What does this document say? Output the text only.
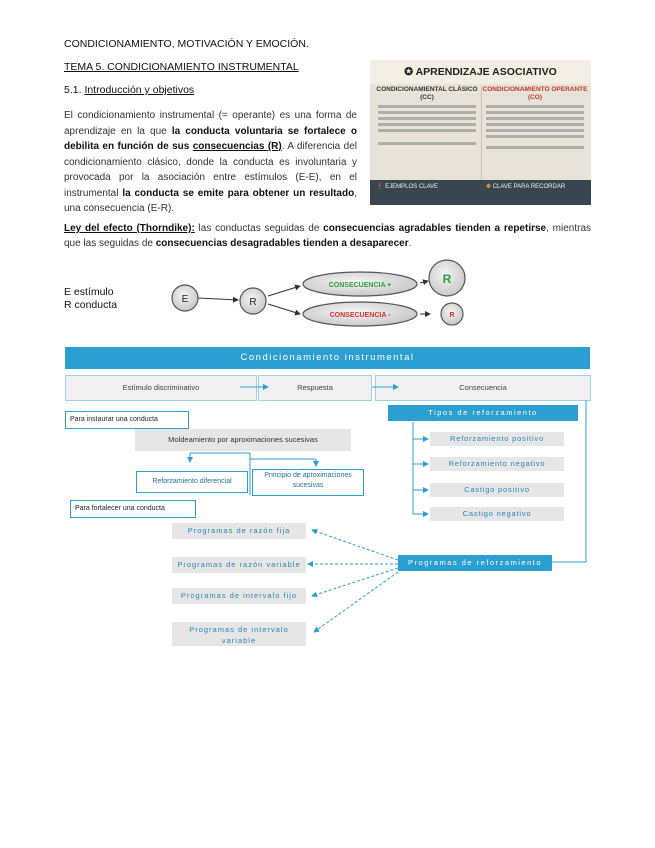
CONDICIONAMIENTO, MOTIVACIÓN Y EMOCIÓN.
TEMA 5. CONDICIONAMIENTO INSTRUMENTAL
5.1. Introducción y objetivos

El condicionamiento instrumental (= operante) es una forma de aprendizaje en la que la conducta voluntaria se fortalece o debilita en función de sus consecuencias (R). A diferencia del condicionamiento clásico, donde la conducta es involuntaria y provocada por la asociación entre estímulos (E-E), en el instrumental la conducta se emite para obtener un resultado, una consecuencia (E-R).

✪ APRENDIZAJE ASOCIATIVO
CONDICIONAMIENTAL CLÁSICO (CC)
CONDICIONAMIENTO OPERANTE (CO)
❗ EJEMPLOS CLAVE	✽ CLAVE PARA RECORDAR
Ley del efecto (Thorndike): las conductas seguidas de consecuencias agradables tienden a repetirse, mientras que las seguidas de consecuencias desagradables tienden a desaparecer.
E estímulo
R conducta	E	R
CONSECUENCIA +
CONSECUENCIA -
R
R
Condicionamiento instrumental
Estímulo discriminativo	Respuesta	Consecuencia
Para instaurar una conducta
Moldeamiento por aproximaciones sucesivas
Reforzamiento diferencial
Principio de aproximaciones sucesivas
Para fortalecer una conducta
Tipos de reforzamiento
Reforzamiento positivo
Reforzamiento negativo
Castigo positivo
Castigo negativo
Programas de reforzamiento
Programas de razón fija
Programas de razón variable
Programas de intervalo fijo
Programas de intervalo variable
